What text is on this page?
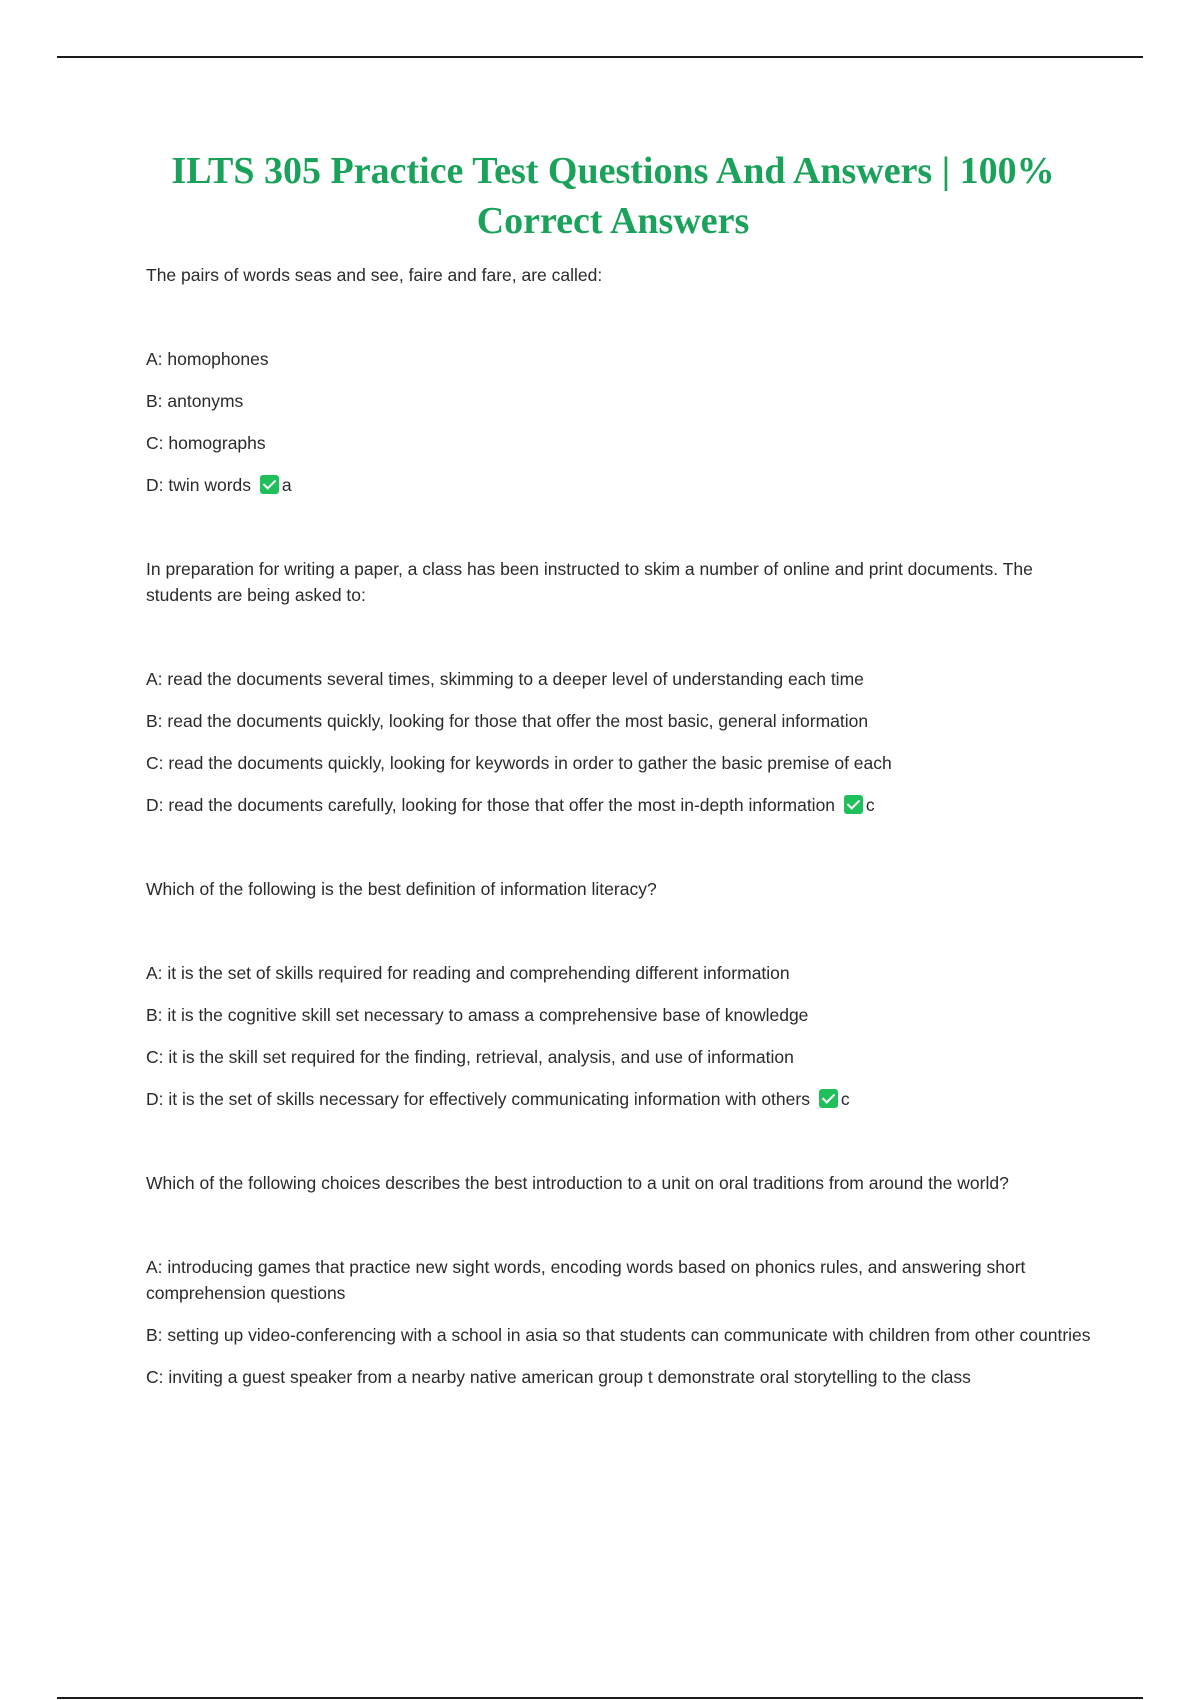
ILTS 305 Practice Test Questions And Answers | 100% Correct Answers

The pairs of words seas and see, faire and fare, are called:

A: homophones

B: antonyms

C: homographs

D: twin words a

In preparation for writing a paper, a class has been instructed to skim a number of online and print documents. The students are being asked to:

A: read the documents several times, skimming to a deeper level of understanding each time

B: read the documents quickly, looking for those that offer the most basic, general information

C: read the documents quickly, looking for keywords in order to gather the basic premise of each

D: read the documents carefully, looking for those that offer the most in-depth information c

Which of the following is the best definition of information literacy?

A: it is the set of skills required for reading and comprehending different information

B: it is the cognitive skill set necessary to amass a comprehensive base of knowledge

C: it is the skill set required for the finding, retrieval, analysis, and use of information

D: it is the set of skills necessary for effectively communicating information with others c

Which of the following choices describes the best introduction to a unit on oral traditions from around the world?

A: introducing games that practice new sight words, encoding words based on phonics rules, and answering short comprehension questions

B: setting up video-conferencing with a school in asia so that students can communicate with children from other countries

C: inviting a guest speaker from a nearby native american group t demonstrate oral storytelling to the class
